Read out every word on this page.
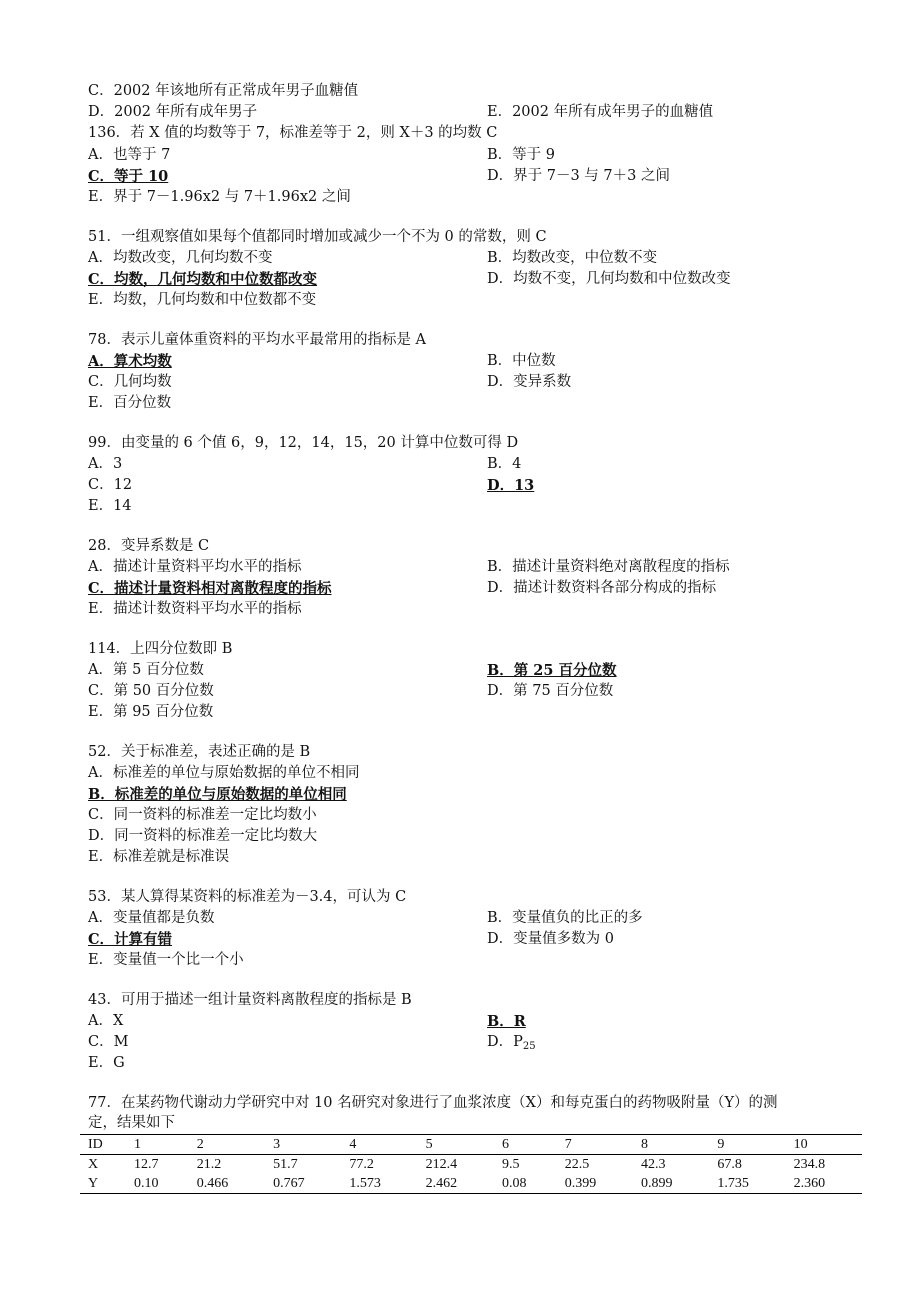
C．2002 年该地所有正常成年男子血糖值
D．2002 年所有成年男子	E．2002 年所有成年男子的血糖值
136．若 X 值的均数等于 7，标准差等于 2，则 X＋3 的均数 C
A．也等于 7	B．等于 9
C．等于 10	D．界于 7－3 与 7＋3 之间
E．界于 7－1.96x2 与 7＋1.96x2 之间
51．一组观察值如果每个值都同时增加或减少一个不为 0 的常数，则 C
A．均数改变，几何均数不变	B．均数改变，中位数不变
C．均数，几何均数和中位数都改变	D．均数不变，几何均数和中位数改变
E．均数，几何均数和中位数都不变
78．表示儿童体重资料的平均水平最常用的指标是 A
A．算术均数	B．中位数
C．几何均数	D．变异系数
E．百分位数
99．由变量的 6 个值 6，9，12，14，15，20 计算中位数可得 D
A．3	B．4
C．12	D．13
E．14
28．变异系数是 C
A．描述计量资料平均水平的指标	B．描述计量资料绝对离散程度的指标
C．描述计量资料相对离散程度的指标	D．描述计数资料各部分构成的指标
E．描述计数资料平均水平的指标
114．上四分位数即 B
A．第 5 百分位数	B．第 25 百分位数
C．第 50 百分位数	D．第 75 百分位数
E．第 95 百分位数
52．关于标准差，表述正确的是 B
A．标准差的单位与原始数据的单位不相同
B．标准差的单位与原始数据的单位相同
C．同一资料的标准差一定比均数小
D．同一资料的标准差一定比均数大
E．标准差就是标准误
53．某人算得某资料的标准差为－3.4，可认为 C
A．变量值都是负数	B．变量值负的比正的多
C．计算有错	D．变量值多数为 0
E．变量值一个比一个小
43．可用于描述一组计量资料离散程度的指标是 B
A．X	B．R
C．M	D．$P_{25}$
E．G
77．在某药物代谢动力学研究中对 10 名研究对象进行了血浆浓度（X）和每克蛋白的药物吸附量（Y）的测
定，结果如下
ID	1	2	3	4	5	6	7	8	9	10
X	12.7	21.2	51.7	77.2	212.4	9.5	22.5	42.3	67.8	234.8
Y	0.10	0.466	0.767	1.573	2.462	0.08	0.399	0.899	1.735	2.360
